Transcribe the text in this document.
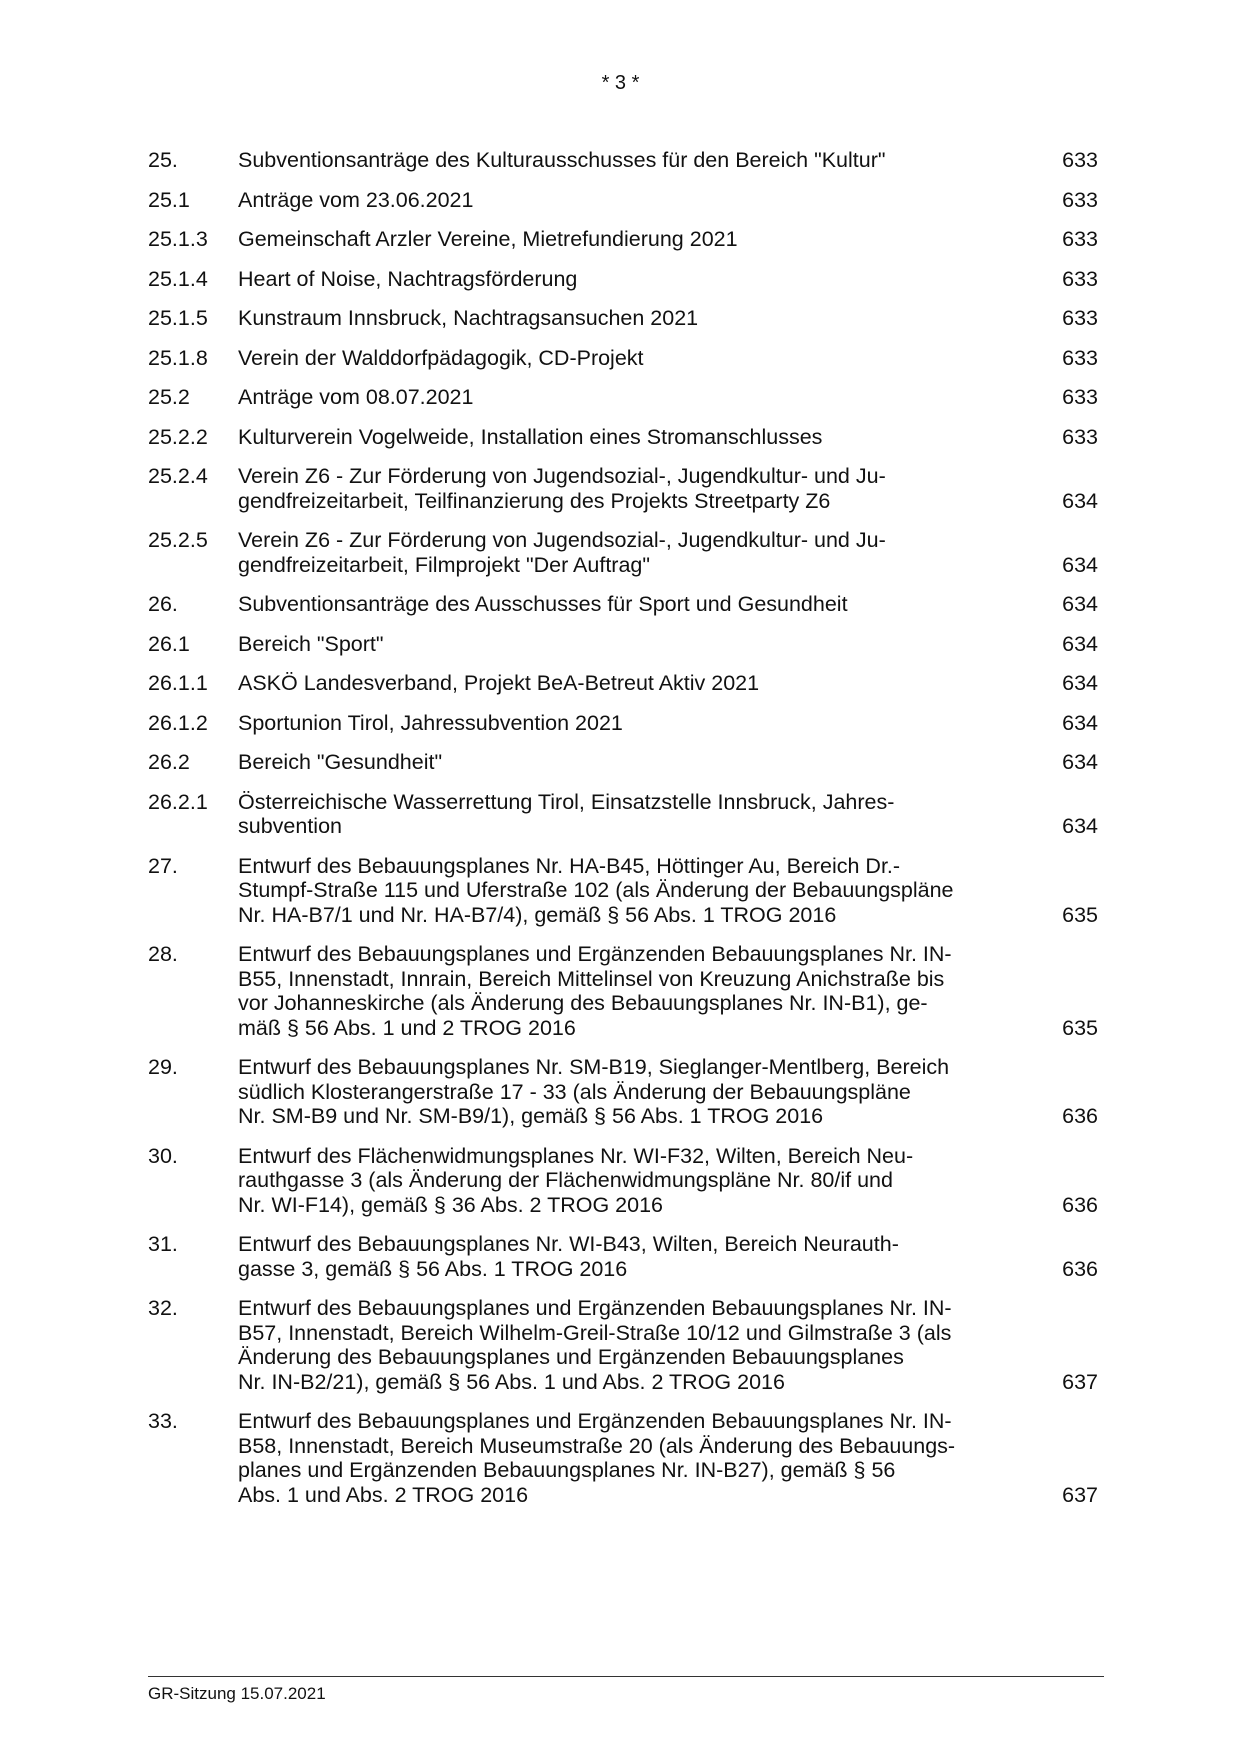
* 3 *
25.	Subventionsanträge des Kulturausschusses für den Bereich "Kultur"	633
25.1	Anträge vom 23.06.2021	633
25.1.3	Gemeinschaft Arzler Vereine, Mietrefundierung 2021	633
25.1.4	Heart of Noise, Nachtragsförderung	633
25.1.5	Kunstraum Innsbruck, Nachtragsansuchen 2021	633
25.1.8	Verein der Walddorfpädagogik, CD-Projekt	633
25.2	Anträge vom 08.07.2021	633
25.2.2	Kulturverein Vogelweide, Installation eines Stromanschlusses	633
25.2.4	Verein Z6 - Zur Förderung von Jugendsozial-, Jugendkultur- und Ju-
gendfreizeitarbeit, Teilfinanzierung des Projekts Streetparty Z6	634
25.2.5	Verein Z6 - Zur Förderung von Jugendsozial-, Jugendkultur- und Ju-
gendfreizeitarbeit, Filmprojekt "Der Auftrag"	634
26.	Subventionsanträge des Ausschusses für Sport und Gesundheit	634
26.1	Bereich "Sport"	634
26.1.1	ASKÖ Landesverband, Projekt BeA-Betreut Aktiv 2021	634
26.1.2	Sportunion Tirol, Jahressubvention 2021	634
26.2	Bereich "Gesundheit"	634
26.2.1	Österreichische Wasserrettung Tirol, Einsatzstelle Innsbruck, Jahres-
subvention	634
27.	Entwurf des Bebauungsplanes Nr. HA-B45, Höttinger Au, Bereich Dr.-
Stumpf-Straße 115 und Uferstraße 102 (als Änderung der Bebauungspläne
Nr. HA-B7/1 und Nr. HA-B7/4), gemäß § 56 Abs. 1 TROG 2016	635
28.	Entwurf des Bebauungsplanes und Ergänzenden Bebauungsplanes Nr. IN-
B55, Innenstadt, Innrain, Bereich Mittelinsel von Kreuzung Anichstraße bis
vor Johanneskirche (als Änderung des Bebauungsplanes Nr. IN-B1), ge-
mäß § 56 Abs. 1 und 2 TROG 2016	635
29.	Entwurf des Bebauungsplanes Nr. SM-B19, Sieglanger-Mentlberg, Bereich
südlich Klosterangerstraße 17 - 33 (als Änderung der Bebauungspläne
Nr. SM-B9 und Nr. SM-B9/1), gemäß § 56 Abs. 1 TROG 2016	636
30.	Entwurf des Flächenwidmungsplanes Nr. WI-F32, Wilten, Bereich Neu-
rauthgasse 3 (als Änderung der Flächenwidmungspläne Nr. 80/if und
Nr. WI-F14), gemäß § 36 Abs. 2 TROG 2016	636
31.	Entwurf des Bebauungsplanes Nr. WI-B43, Wilten, Bereich Neurauth-
gasse 3, gemäß § 56 Abs. 1 TROG 2016	636
32.	Entwurf des Bebauungsplanes und Ergänzenden Bebauungsplanes Nr. IN-
B57, Innenstadt, Bereich Wilhelm-Greil-Straße 10/12 und Gilmstraße 3 (als
Änderung des Bebauungsplanes und Ergänzenden Bebauungsplanes
Nr. IN-B2/21), gemäß § 56 Abs. 1 und Abs. 2 TROG 2016	637
33.	Entwurf des Bebauungsplanes und Ergänzenden Bebauungsplanes Nr. IN-
B58, Innenstadt, Bereich Museumstraße 20 (als Änderung des Bebauungs-
planes und Ergänzenden Bebauungsplanes Nr. IN-B27), gemäß § 56
Abs. 1 und Abs. 2 TROG 2016	637
GR-Sitzung 15.07.2021
